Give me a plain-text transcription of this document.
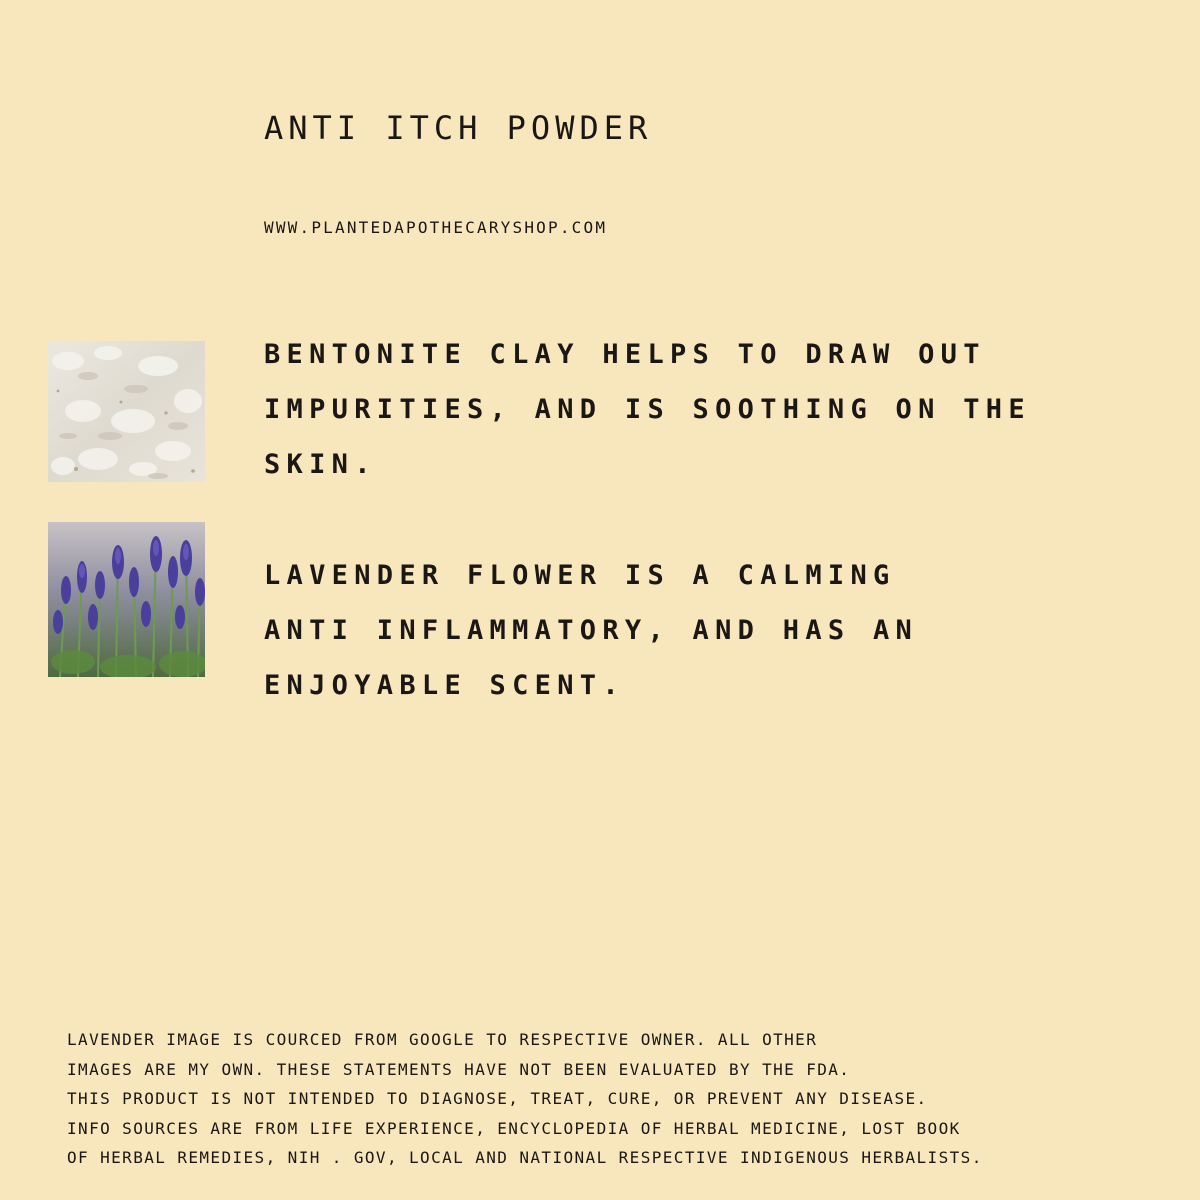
ANTI ITCH POWDER
WWW.PLANTEDAPOTHECARYSHOP.COM
BENTONITE CLAY HELPS TO DRAW OUT
IMPURITIES, AND IS SOOTHING ON THE
SKIN.
LAVENDER FLOWER IS A CALMING
ANTI INFLAMMATORY, AND HAS AN
ENJOYABLE SCENT.
LAVENDER IMAGE IS COURCED FROM GOOGLE TO RESPECTIVE OWNER. ALL OTHER
IMAGES ARE MY OWN. THESE STATEMENTS HAVE NOT BEEN EVALUATED BY THE FDA.
THIS PRODUCT IS NOT INTENDED TO DIAGNOSE, TREAT, CURE, OR PREVENT ANY DISEASE.
INFO SOURCES ARE FROM LIFE EXPERIENCE, ENCYCLOPEDIA OF HERBAL MEDICINE, LOST BOOK
OF HERBAL REMEDIES, NIH . GOV, LOCAL AND NATIONAL RESPECTIVE INDIGENOUS HERBALISTS.
